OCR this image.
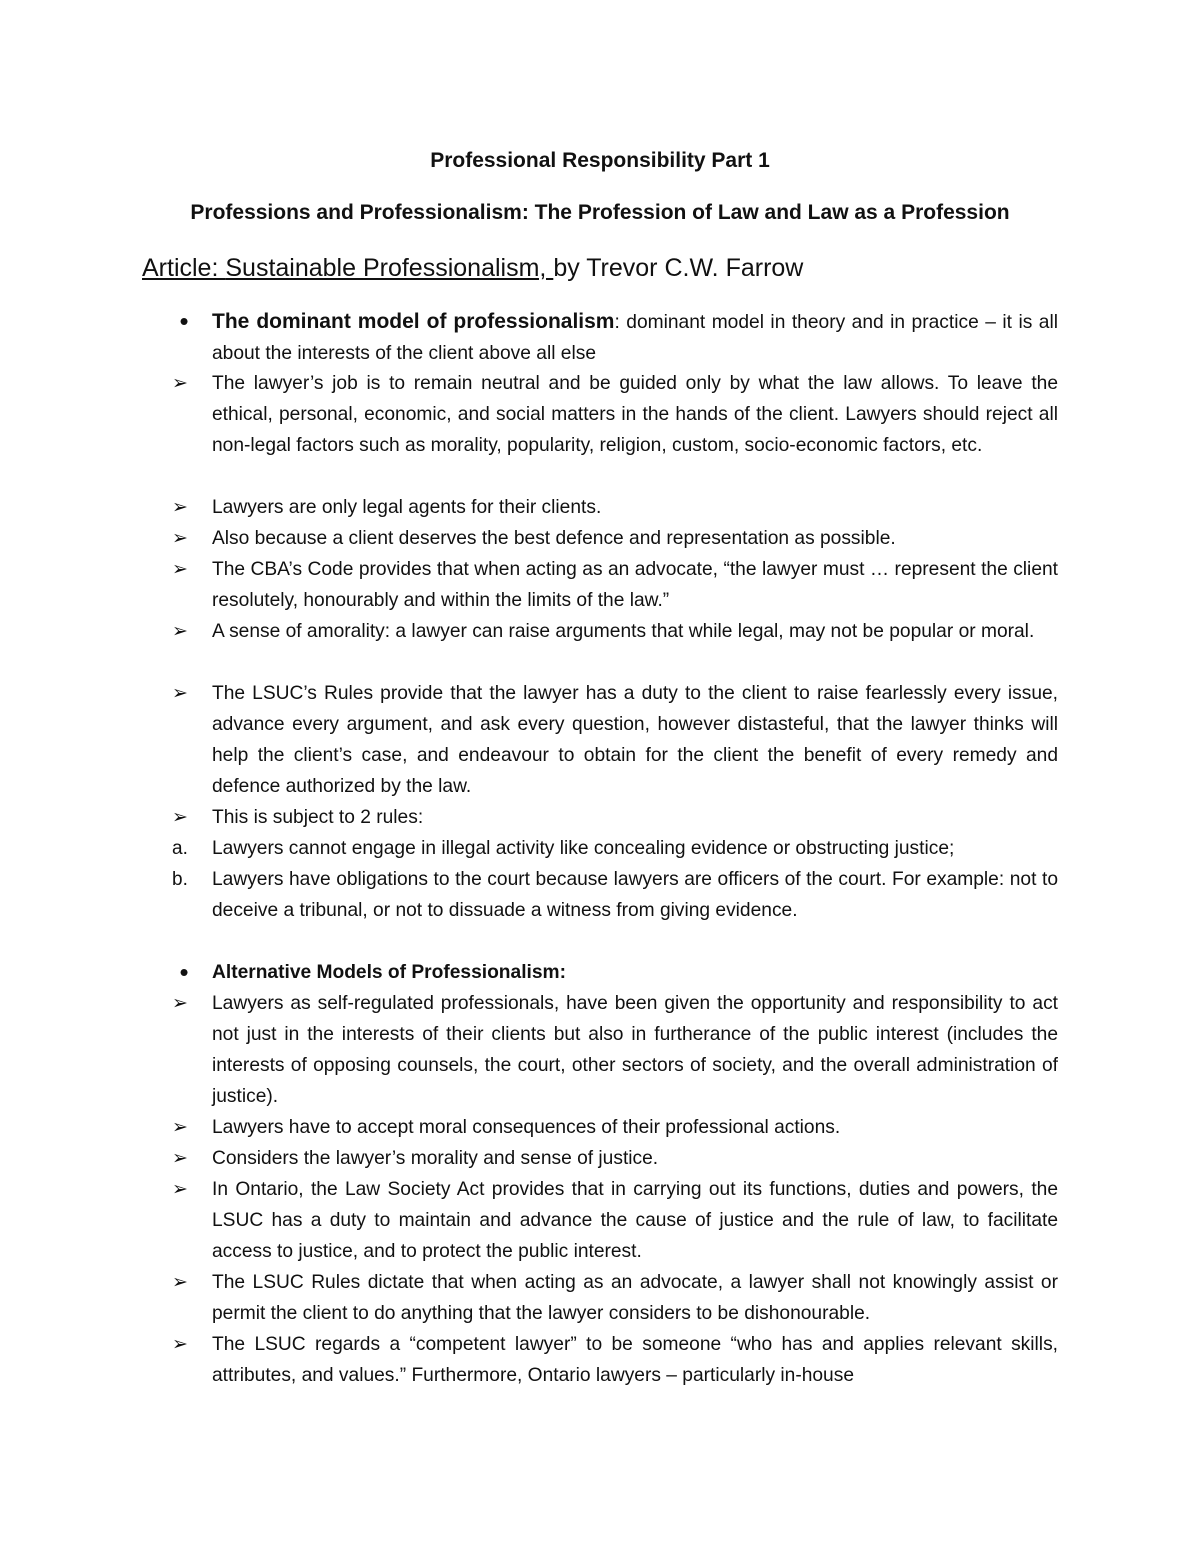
Professional Responsibility Part 1
Professions and Professionalism: The Profession of Law and Law as a Profession
Article: Sustainable Professionalism, by Trevor C.W. Farrow
•	The dominant model of professionalism: dominant model in theory and in practice – it is all about the interests of the client above all else
➢ The lawyer’s job is to remain neutral and be guided only by what the law allows. To leave the ethical, personal, economic, and social matters in the hands of the client. Lawyers should reject all non-legal factors such as morality, popularity, religion, custom, socio-economic factors, etc.
➢ Lawyers are only legal agents for their clients.
➢ Also because a client deserves the best defence and representation as possible.
➢ The CBA’s Code provides that when acting as an advocate, “the lawyer must … represent the client resolutely, honourably and within the limits of the law.”
➢ A sense of amorality: a lawyer can raise arguments that while legal, may not be popular or moral.
➢ The LSUC’s Rules provide that the lawyer has a duty to the client to raise fearlessly every issue, advance every argument, and ask every question, however distasteful, that the lawyer thinks will help the client’s case, and endeavour to obtain for the client the benefit of every remedy and defence authorized by the law.
➢ This is subject to 2 rules:
a.	Lawyers cannot engage in illegal activity like concealing evidence or obstructing justice;
b.	Lawyers have obligations to the court because lawyers are officers of the court. For example: not to deceive a tribunal, or not to dissuade a witness from giving evidence.
•	Alternative Models of Professionalism:
➢ Lawyers as self-regulated professionals, have been given the opportunity and responsibility to act not just in the interests of their clients but also in furtherance of the public interest (includes the interests of opposing counsels, the court, other sectors of society, and the overall administration of justice).
➢ Lawyers have to accept moral consequences of their professional actions.
➢ Considers the lawyer’s morality and sense of justice.
➢ In Ontario, the Law Society Act provides that in carrying out its functions, duties and powers, the LSUC has a duty to maintain and advance the cause of justice and the rule of law, to facilitate access to justice, and to protect the public interest.
➢ The LSUC Rules dictate that when acting as an advocate, a lawyer shall not knowingly assist or permit the client to do anything that the lawyer considers to be dishonourable.
➢ The LSUC regards a “competent lawyer” to be someone “who has and applies relevant skills, attributes, and values.” Furthermore, Ontario lawyers – particularly in-house
